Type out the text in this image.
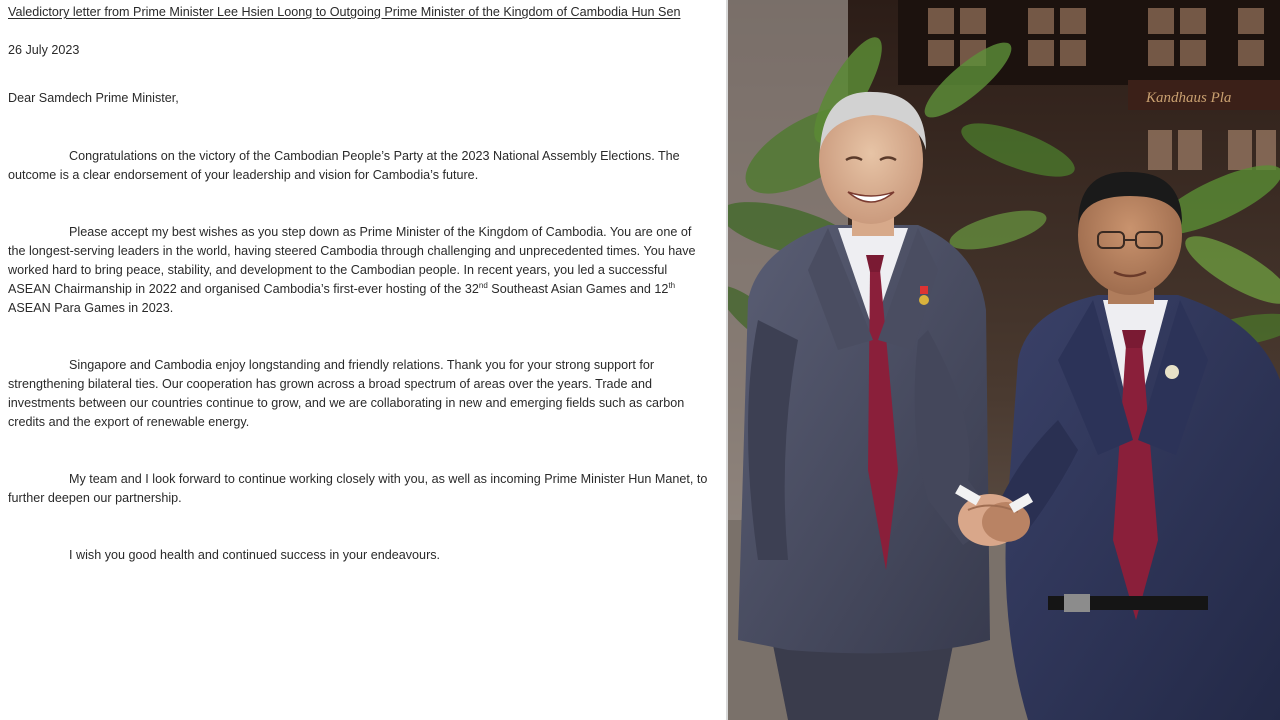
Valedictory letter from Prime Minister Lee Hsien Loong to Outgoing Prime Minister of the Kingdom of Cambodia Hun Sen

26 July 2023

Dear Samdech Prime Minister,

Congratulations on the victory of the Cambodian People’s Party at the 2023 National Assembly Elections. The outcome is a clear endorsement of your leadership and vision for Cambodia’s future.

Please accept my best wishes as you step down as Prime Minister of the Kingdom of Cambodia. You are one of the longest-serving leaders in the world, having steered Cambodia through challenging and unprecedented times. You have worked hard to bring peace, stability, and development to the Cambodian people. In recent years, you led a successful ASEAN Chairmanship in 2022 and organised Cambodia’s first-ever hosting of the 32nd Southeast Asian Games and 12th ASEAN Para Games in 2023.

Singapore and Cambodia enjoy longstanding and friendly relations. Thank you for your strong support for strengthening bilateral ties. Our cooperation has grown across a broad spectrum of areas over the years. Trade and investments between our countries continue to grow, and we are collaborating in new and emerging fields such as carbon credits and the export of renewable energy.

My team and I look forward to continue working closely with you, as well as incoming Prime Minister Hun Manet, to further deepen our partnership.

I wish you good health and continued success in your endeavours.

Kandhaus Pla
